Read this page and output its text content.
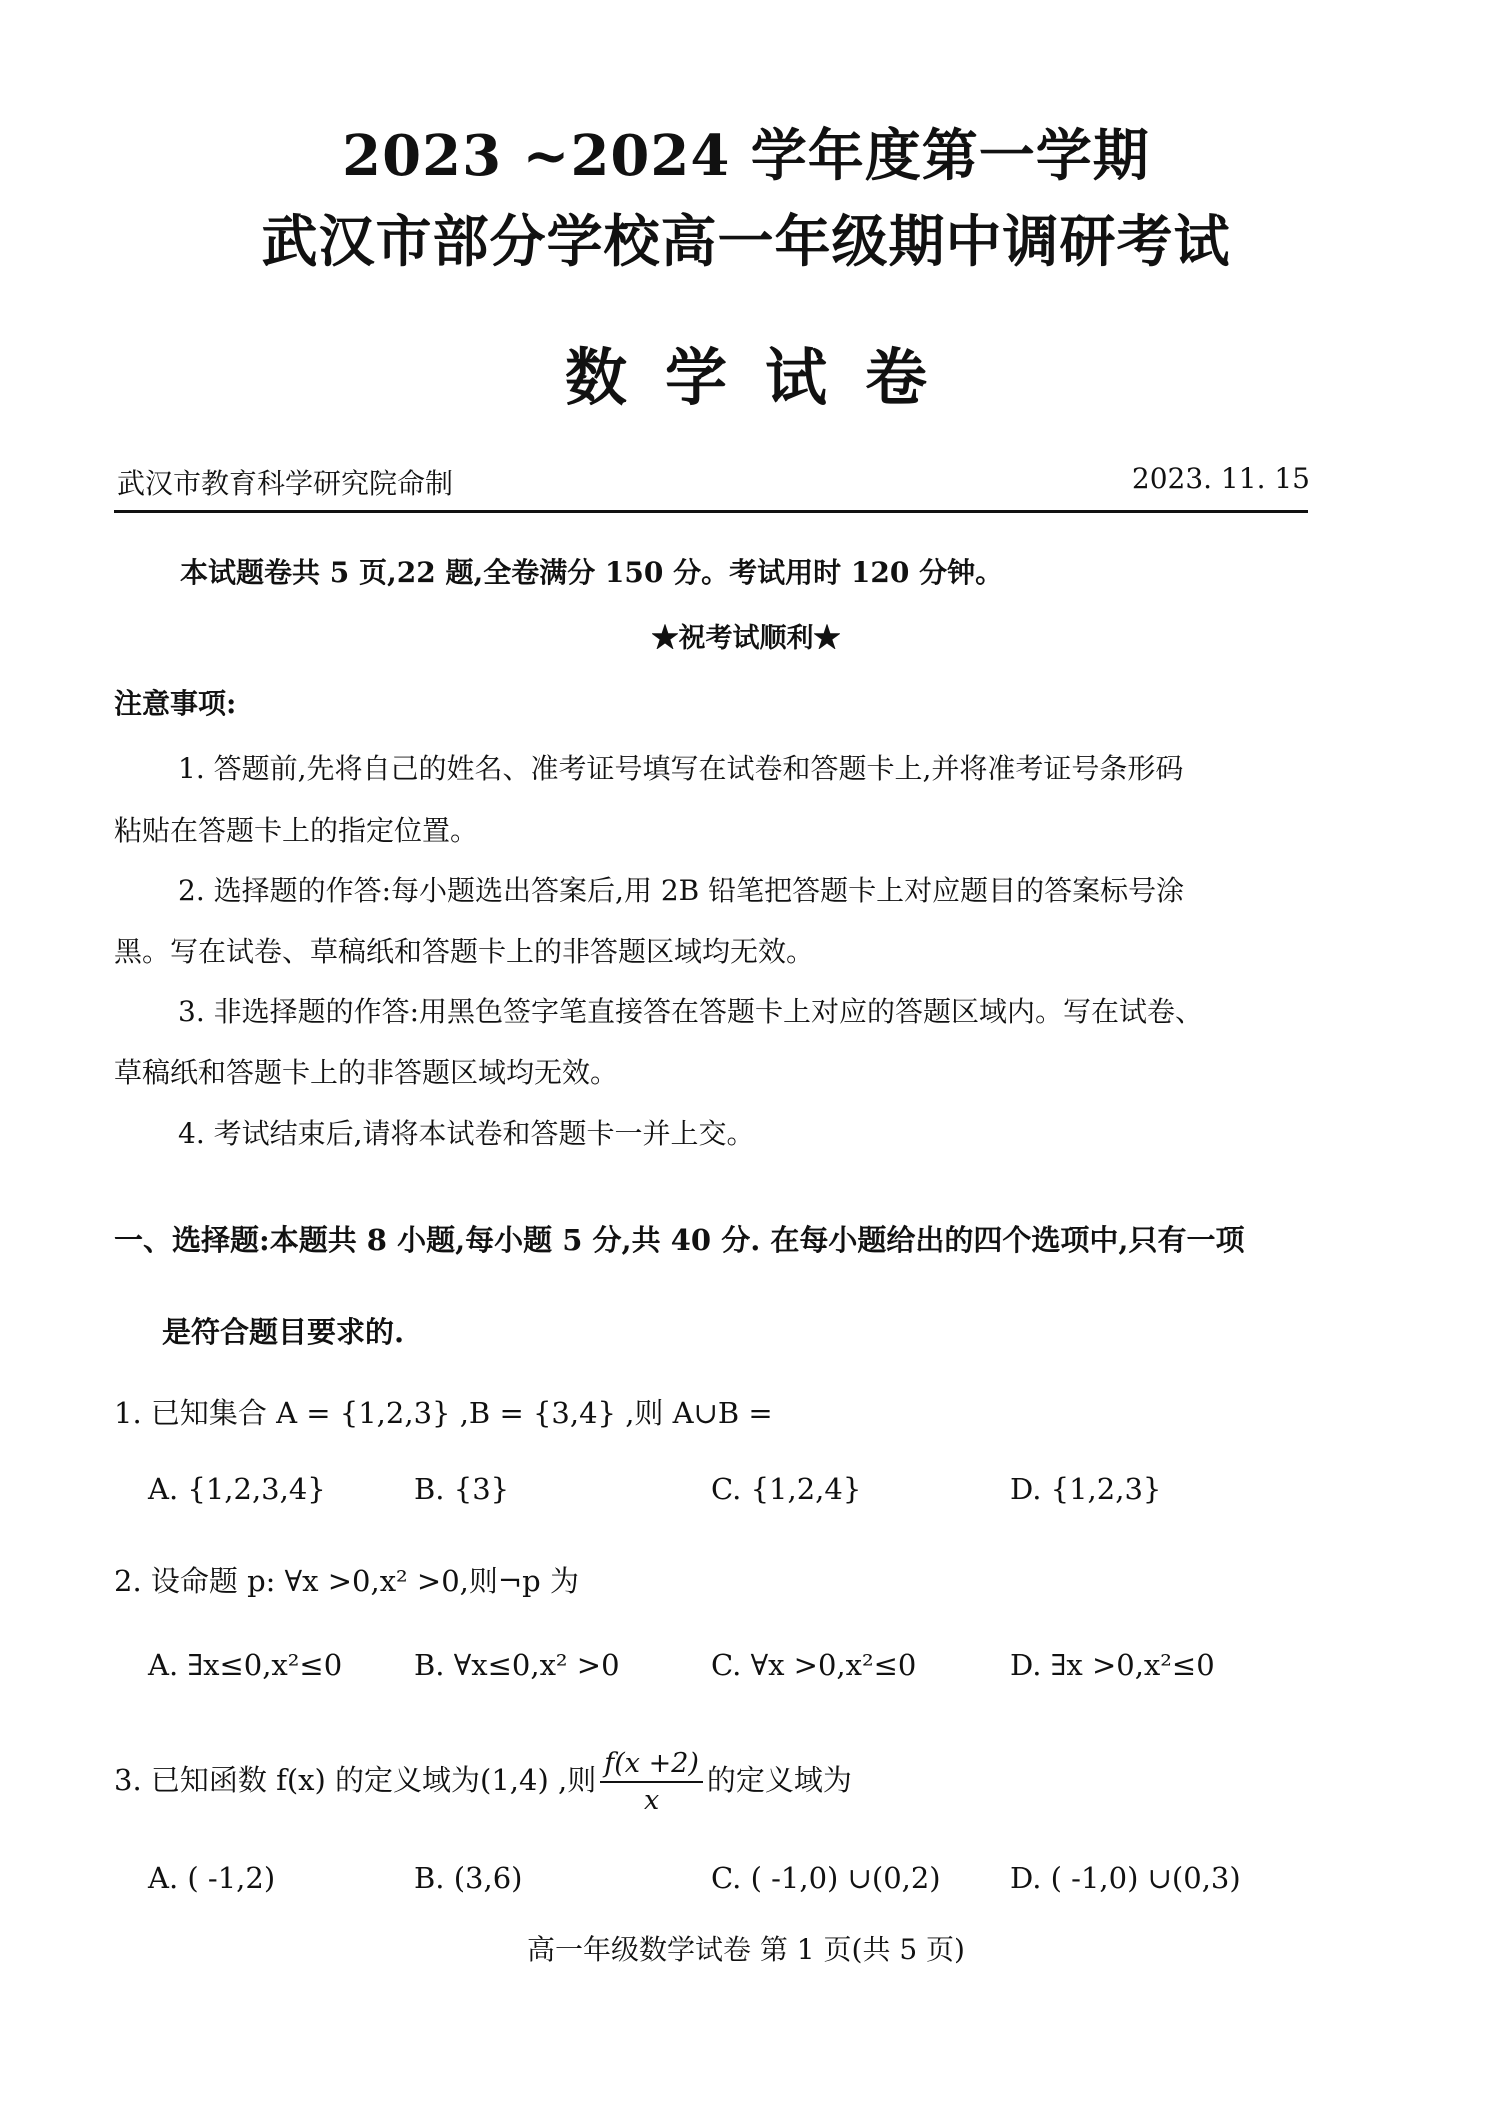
2023 ~2024 学年度第一学期
武汉市部分学校高一年级期中调研考试
数学试卷
武汉市教育科学研究院命制	2023. 11. 15
本试题卷共 5 页,22 题,全卷满分 150 分。考试用时 120 分钟。
★祝考试顺利★
注意事项:
1. 答题前,先将自己的姓名、准考证号填写在试卷和答题卡上,并将准考证号条形码
粘贴在答题卡上的指定位置。
2. 选择题的作答:每小题选出答案后,用 2B 铅笔把答题卡上对应题目的答案标号涂
黑。写在试卷、草稿纸和答题卡上的非答题区域均无效。
3. 非选择题的作答:用黑色签字笔直接答在答题卡上对应的答题区域内。写在试卷、
草稿纸和答题卡上的非答题区域均无效。
4. 考试结束后,请将本试卷和答题卡一并上交。
一、选择题:本题共 8 小题,每小题 5 分,共 40 分. 在每小题给出的四个选项中,只有一项
是符合题目要求的.
1. 已知集合 A = {1,2,3} ,B = {3,4} ,则 A∪B =
A. {1,2,3,4}	B. {3}	C. {1,2,4}	D. {1,2,3}
2. 设命题 p: ∀x >0,x² >0,则¬p 为
A. ∃x≤0,x²≤0 B. ∀x≤0,x² >0	C. ∀x >0,x²≤0	D. ∃x >0,x²≤0
3. 已知函数 f(x) 的定义域为(1,4) ,则 $\frac{f(x +2)}{x}$ 的定义域为
A. ( -1,2)	B. (3,6)	C. ( -1,0) ∪(0,2) D. ( -1,0) ∪(0,3)
高一年级数学试卷 第 1 页(共 5 页)
